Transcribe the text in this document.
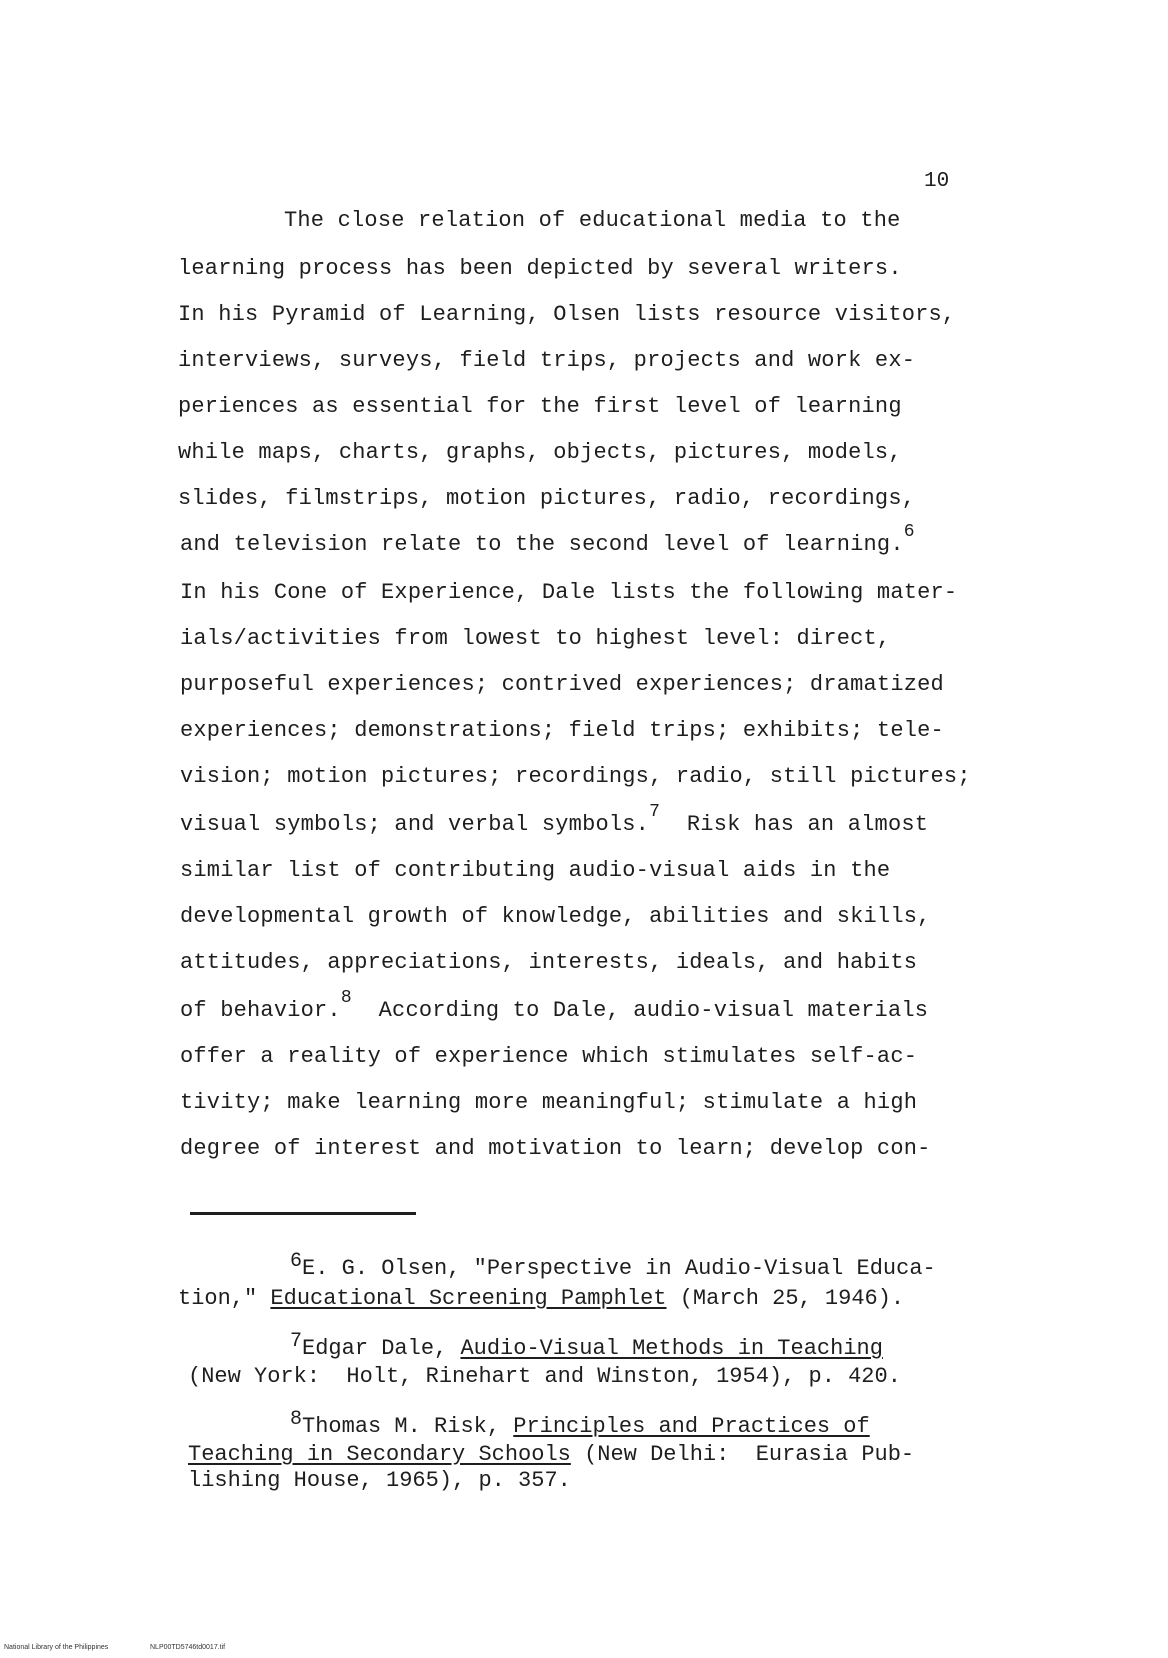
10
The close relation of educational media to the
learning process has been depicted by several writers.
In his Pyramid of Learning, Olsen lists resource visitors,
interviews, surveys, field trips, projects and work ex-
periences as essential for the first level of learning
while maps, charts, graphs, objects, pictures, models,
slides, filmstrips, motion pictures, radio, recordings,
and television relate to the second level of learning.$^6$
In his Cone of Experience, Dale lists the following mater-
ials/activities from lowest to highest level: direct,
purposeful experiences; contrived experiences; dramatized
experiences; demonstrations; field trips; exhibits; tele-
vision; motion pictures; recordings, radio, still pictures;
visual symbols; and verbal symbols.$^7$ Risk has an almost
similar list of contributing audio-visual aids in the
developmental growth of knowledge, abilities and skills,
attitudes, appreciations, interests, ideals, and habits
of behavior.$^8$ According to Dale, audio-visual materials
offer a reality of experience which stimulates self-ac-
tivity; make learning more meaningful; stimulate a high
degree of interest and motivation to learn; develop con-
6E. G. Olsen, "Perspective in Audio-Visual Educa-
tion," Educational Screening Pamphlet (March 25, 1946).
7Edgar Dale, Audio-Visual Methods in Teaching
(New York:  Holt, Rinehart and Winston, 1954), p. 420.
8Thomas M. Risk, Principles and Practices of
Teaching in Secondary Schools (New Delhi:  Eurasia Pub-
lishing House, 1965), p. 357.
National Library of the Philippines	NLP00TD5746td0017.tif
